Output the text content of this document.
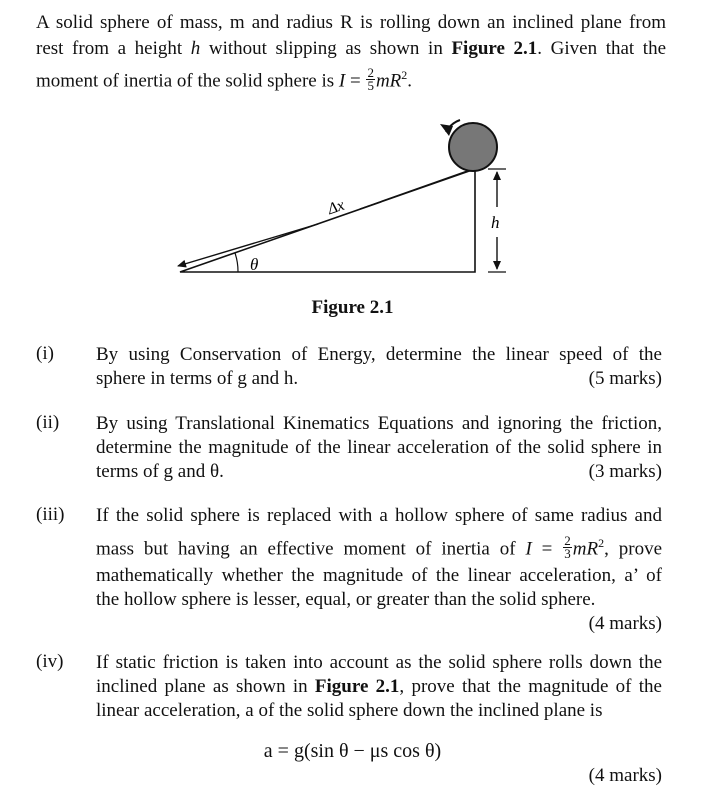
A solid sphere of mass, m and radius R is rolling down an inclined plane from
rest from a height h without slipping as shown in Figure 2.1. Given that the
moment of inertia of the solid sphere is $I = \frac{2}{5} mR^2$.
Δx
θ
h
Figure 2.1
(i) By using Conservation of Energy, determine the linear speed of the
sphere in terms of g and h.	(5 marks)
(ii) By using Translational Kinematics Equations and ignoring the friction,
determine the magnitude of the linear acceleration of the solid sphere in
terms of g and θ.	(3 marks)
(iii) If the solid sphere is replaced with a hollow sphere of same radius and
mass but having an effective moment of inertia of $I = \frac{2}{3} mR^2$, prove
mathematically whether the magnitude of the linear acceleration, a’ of
the hollow sphere is lesser, equal, or greater than the solid sphere.
(4 marks)
(iv) If static friction is taken into account as the solid sphere rolls down the
inclined plane as shown in Figure 2.1, prove that the magnitude of the
linear acceleration, a of the solid sphere down the inclined plane is
a = g(sin θ − μs cos θ)
(4 marks)
